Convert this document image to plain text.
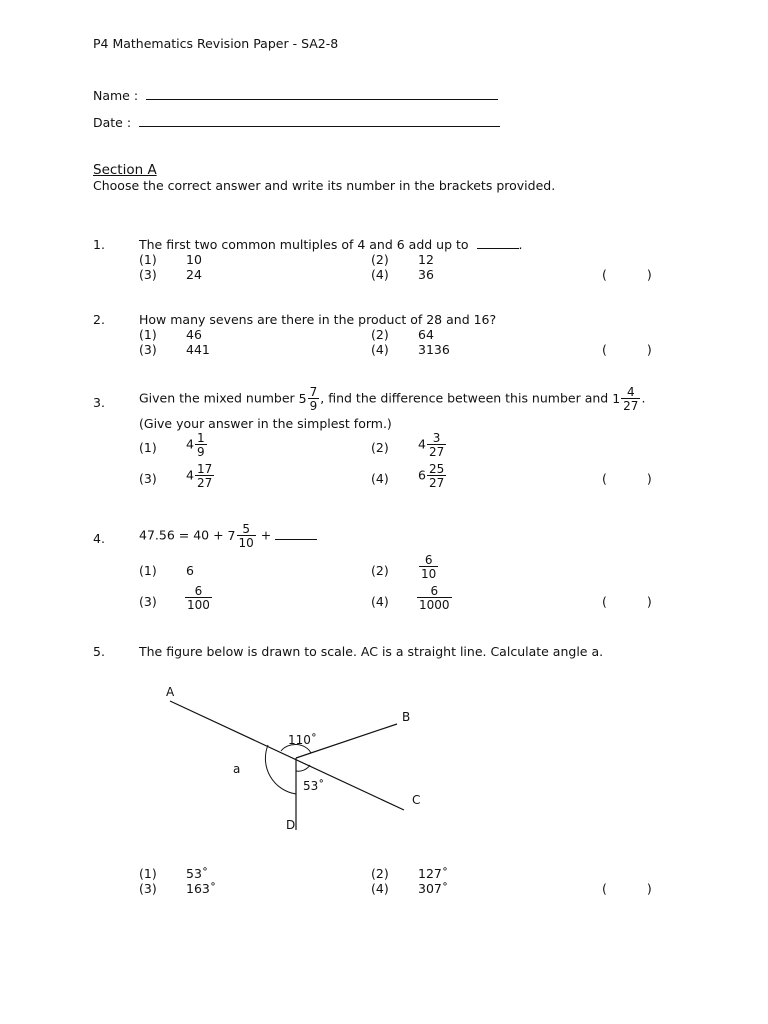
P4 Mathematics Revision Paper - SA2-8
Name :
Date :
Section A
Choose the correct answer and write its number in the brackets provided.
1.	The first two common multiples of 4 and 6 add up to	.
(1) 10	(2) 12
(3) 24	(4) 36	(	)
2.	How many sevens are there in the product of 28 and 16?
(1) 46	(2) 64
(3) 441	(4) 3136	(	)
3.	Given the mixed number $5 \frac{7}{9}$ , find the difference between this number and $1 \frac{4}{27}$ .
(Give your answer in the simplest form.)
(1) $4 \frac{1}{9}$	(2) $4 \frac{3}{27}$
(3) $4 \frac{17}{27}$	(4) $6 \frac{25}{27}$	(	)
4.	$47.56 = 40 + 7 \frac{5}{10}$ +
(1) 6	(2)	$\frac{6}{10}$
$(3) \frac{6}{100}$	$(4) \frac{6}{1000}$	(	)
5.	The figure below is drawn to scale. AC is a straight line. Calculate angle a.
A
B
C
D
a
110˚
53˚
(1) 53˚	(2) 127˚
(3) 163˚	(4) 307˚	(	)
